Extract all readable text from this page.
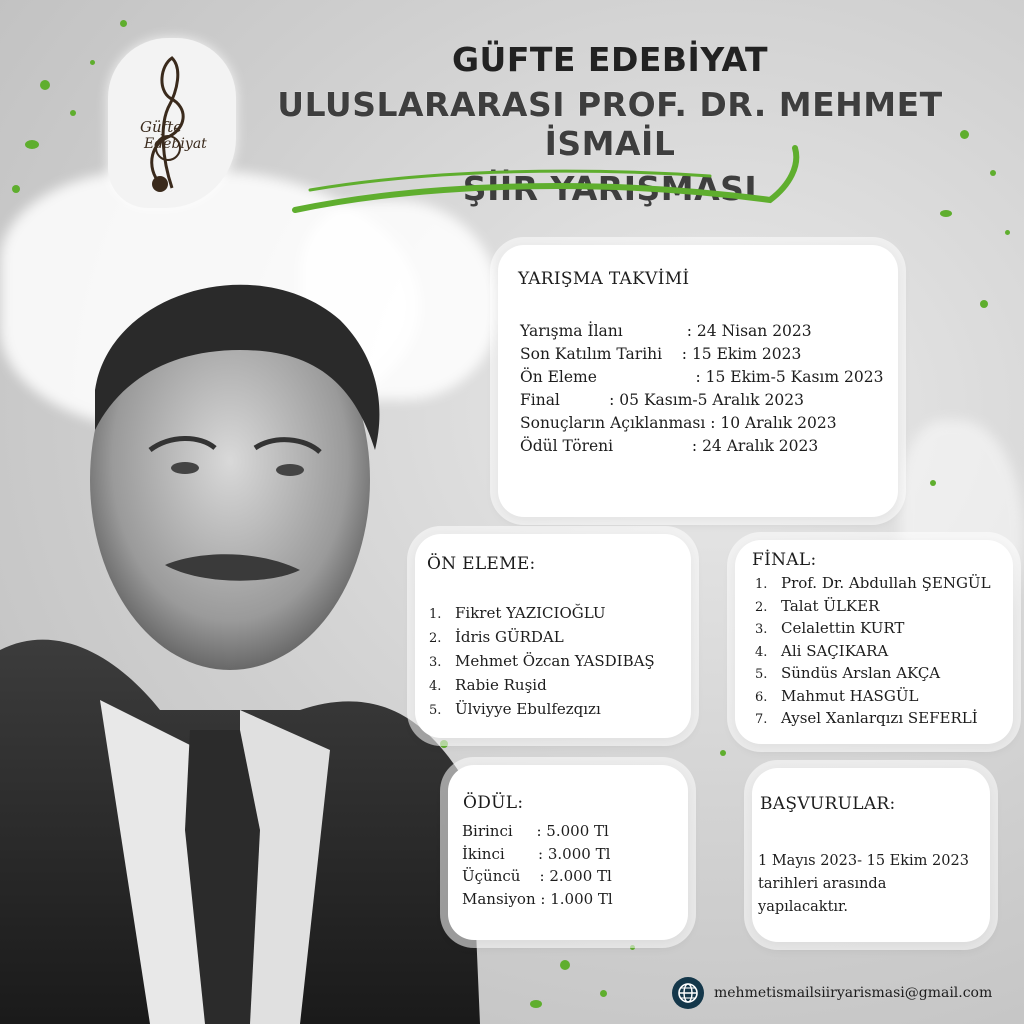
Güfte
Edebiyat
GÜFTE EDEBİYAT
ULUSLARARASI PROF. DR. MEHMET İSMAİL
ŞİİR YARIŞMASI
YARIŞMA TAKVİMİ
Yarışma İlanı             : 24 Nisan 2023
Son Katılım Tarihi    : 15 Ekim 2023
Ön Eleme                    : 15 Ekim-5 Kasım 2023
Final          : 05 Kasım-5 Aralık 2023
Sonuçların Açıklanması : 10 Aralık 2023
Ödül Töreni                : 24 Aralık 2023
ÖN ELEME:
1. Fikret YAZICIOĞLU
2. İdris GÜRDAL
3. Mehmet Özcan YASDIBAŞ
4. Rabie Ruşid
5. Ülviyye Ebulfezqızı
FİNAL:
1. Prof. Dr. Abdullah ŞENGÜL
2. Talat ÜLKER
3. Celalettin KURT
4. Ali SAÇIKARA
5. Sündüs Arslan AKÇA
6. Mahmut HASGÜL
7. Aysel Xanlarqızı SEFERLİ
ÖDÜL:
Birinci     : 5.000 Tl
İkinci       : 3.000 Tl
Üçüncü    : 2.000 Tl
Mansiyon : 1.000 Tl
BAŞVURULAR:

1 Mayıs 2023- 15 Ekim 2023 tarihleri arasında yapılacaktır.

mehmetismailsiiryarismasi@gmail.com
